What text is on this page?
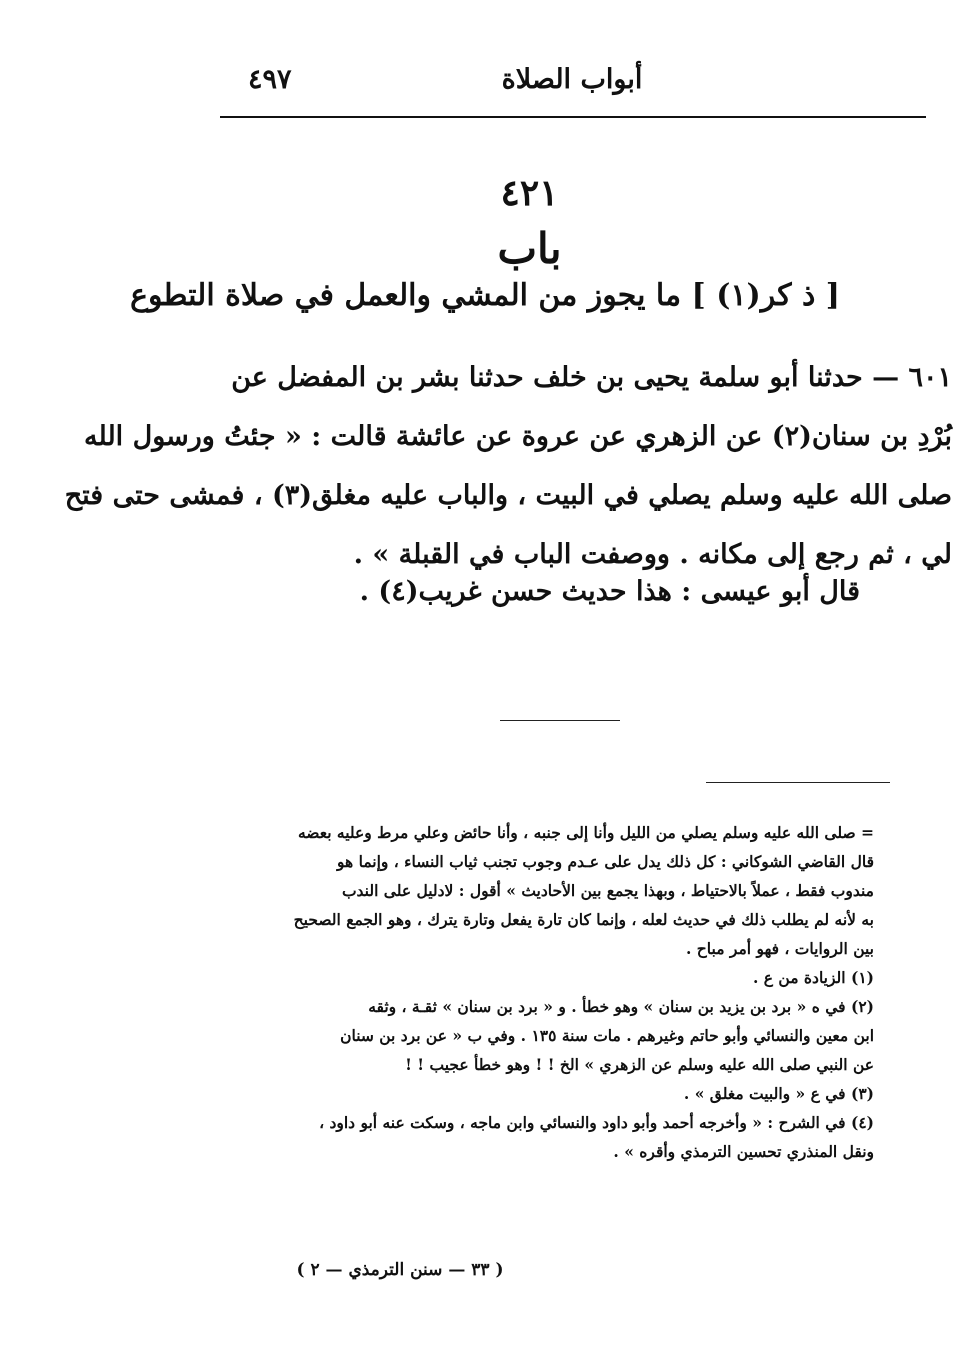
أبواب الصلاة
٤٩٧
٤٢١
باب
[ ذ كر(١) ] ما يجوز من المشي والعمل في صلاة التطوع
٦٠١ — حدثنا أبو سلمة يحيى بن خلف حدثنا بشر بن المفضل عن
بُرْدِ بن سنان(٢) عن الزهري عن عروة عن عائشة قالت : « جئتُ ورسول الله
صلى الله عليه وسلم يصلي في البيت ، والباب عليه مغلق(٣) ، فمشى حتى فتح
لي ، ثم رجع إلى مكانه . ووصفت الباب في القبلة » .
قال أبو عيسى : هذا حديث حسن غريب(٤) .
= صلى الله عليه وسلم يصلي من الليل وأنا إلى جنبه ، وأنا حائض وعلي مرط وعليه بعضه
قال القاضي الشوكاني : كل ذلك يدل على عـدم وجوب تجنب ثياب النساء ، وإنما هو
مندوب فقط ، عملاً بالاحتياط ، وبهذا يجمع بين الأحاديث » أقول : لادليل على الندب
به لأنه لم يطلب ذلك في حديث لعله ، وإنما كان تارة يفعل وتارة يترك ، وهو الجمع الصحيح
بين الروايات ، فهو أمر مباح .
(١) الزيادة من ع .
(٢) في ه « برد بن يزيد بن سنان » وهو خطأ . و « برد بن سنان » ثقـة ، وثقه
ابن معين والنسائي وأبو حاتم وغيرهم . مات سنة ١٣٥ . وفي ب « عن برد بن سنان
عن النبي صلى الله عليه وسلم عن الزهري » الخ ! ! وهو خطأ عجيب ! !
(٣) في ع « والبيت مغلق » .
(٤) في الشرح : « وأخرجه أحمد وأبو داود والنسائي وابن ماجه ، وسكت عنه أبو داود ،
ونقل المنذري تحسين الترمذي وأقره » .
( ٣٣ — سنن الترمذي — ٢ )
